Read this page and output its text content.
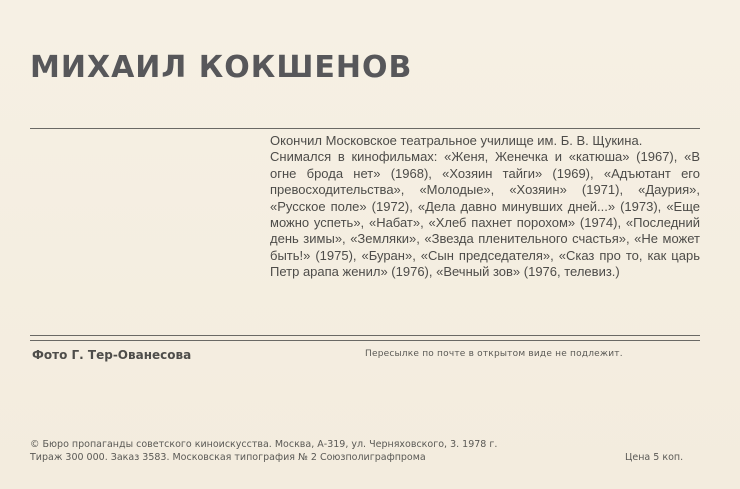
МИХАИЛ КОКШЕНОВ

Окончил Московское театральное училище им. Б. В. Щукина.

Снимался в кинофильмах: «Женя, Женечка и «катюша» (1967), «В огне брода нет» (1968), «Хозяин тайги» (1969), «Адъютант его превосходительства», «Молодые», «Хозяин» (1971), «Даурия», «Русское поле» (1972), «Дела давно минувших дней...» (1973), «Еще можно успеть», «Набат», «Хлеб пахнет порохом» (1974), «Последний день зимы», «Земляки», «Звезда пленительного счастья», «Не может быть!» (1975), «Буран», «Сын председателя», «Сказ про то, как царь Петр арапа женил» (1976), «Вечный зов» (1976, телевиз.)

Фото Г. Тер-Ованесова	Пересылке по почте в открытом виде не подлежит.
© Бюро пропаганды советского киноискусства. Москва, А-319, ул. Черняховского, 3. 1978 г.
Тираж 300 000. Заказ 3583. Московская типография № 2 Союзполиграфпрома	Цена 5 коп.
